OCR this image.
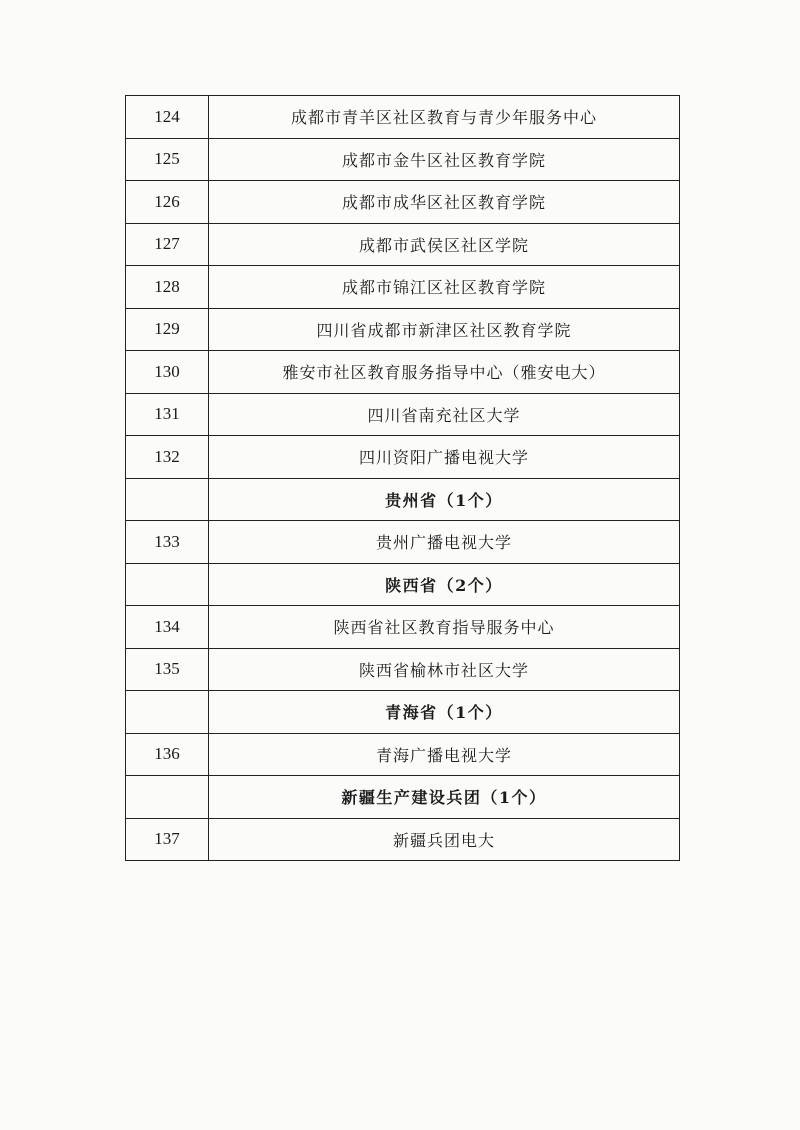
124	成都市青羊区社区教育与青少年服务中心
125	成都市金牛区社区教育学院
126	成都市成华区社区教育学院
127	成都市武侯区社区学院
128	成都市锦江区社区教育学院
129	四川省成都市新津区社区教育学院
130	雅安市社区教育服务指导中心（雅安电大）
131	四川省南充社区大学
132	四川资阳广播电视大学
	贵州省（1个）
133	贵州广播电视大学
	陕西省（2个）
134	陕西省社区教育指导服务中心
135	陕西省榆林市社区大学
	青海省（1个）
136	青海广播电视大学
	新疆生产建设兵团（1个）
137	新疆兵团电大
